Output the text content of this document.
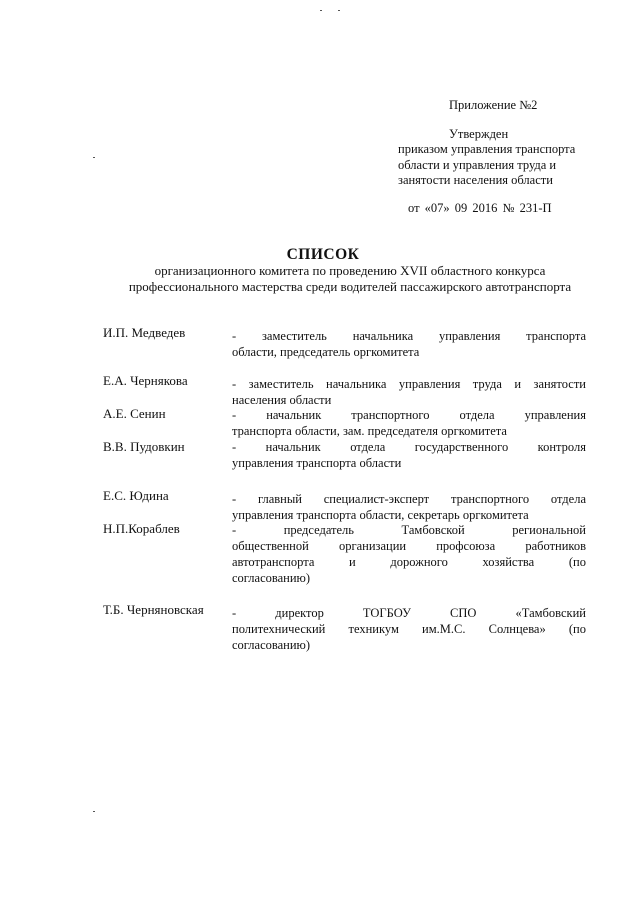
Приложение №2
Утвержден
приказом управления транспорта
области и управления труда и
занятости населения области
от «07» 09 2016 № 231-П
СПИСОК
организационного комитета по проведению XVII областного конкурса
профессионального мастерства среди водителей пассажирского автотранспорта
И.П. Медведев	- заместитель начальника управления транспорта
области, председатель оргкомитета
Е.А. Чернякова	- заместитель начальника управления труда и занятости
населения области
А.Е. Сенин	- начальник транспортного отдела управления
транспорта области, зам. председателя оргкомитета
В.В. Пудовкин	- начальник отдела государственного контроля
управления транспорта области
Е.С. Юдина	- главный специалист-эксперт транспортного отдела
управления транспорта области, секретарь оргкомитета
Н.П.Кораблев	- председатель Тамбовской региональной
общественной организации профсоюза работников
автотранспорта и дорожного хозяйства (по
согласованию)
Т.Б. Черняновская - директор ТОГБОУ СПО «Тамбовский
политехнический техникум им.М.С. Солнцева» (по
согласованию)
